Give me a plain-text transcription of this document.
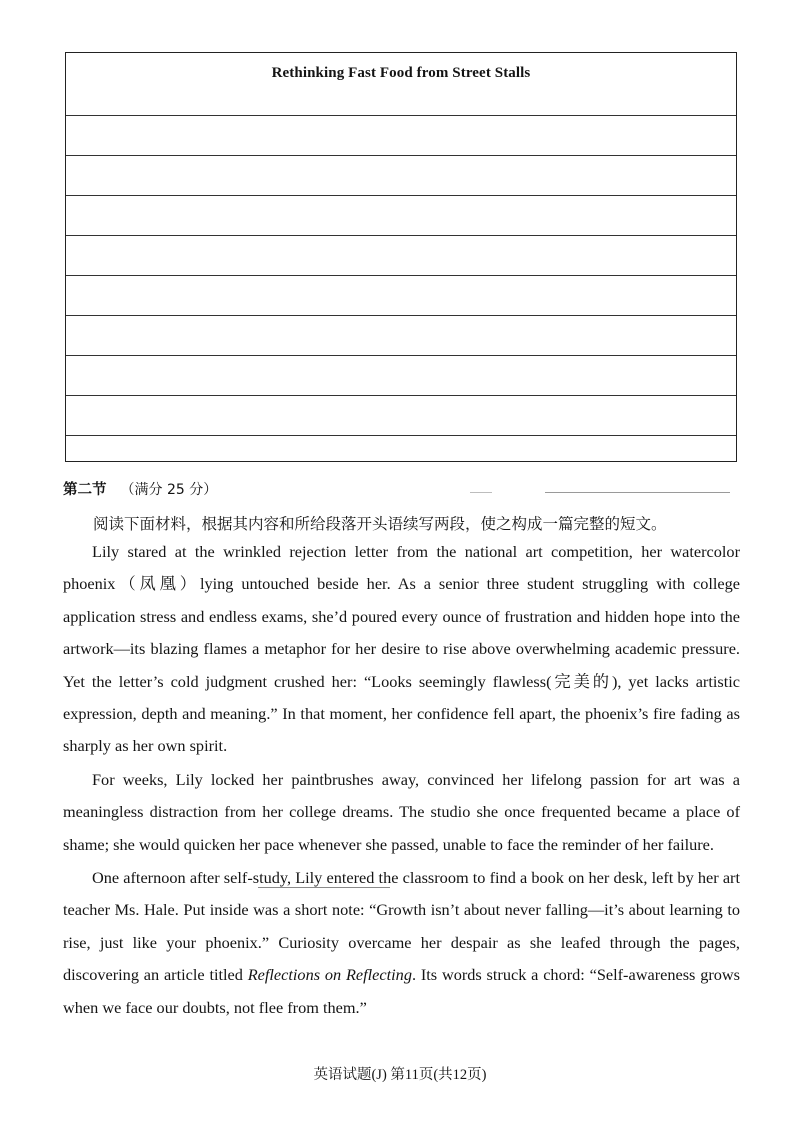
Rethinking Fast Food from Street Stalls
第二节 （满分 25 分）
阅读下面材料，根据其内容和所给段落开头语续写两段，使之构成一篇完整的短文。

Lily stared at the wrinkled rejection letter from the national art competition, her watercolor phoenix（凤凰）lying untouched beside her. As a senior three student struggling with college application stress and endless exams, she’d poured every ounce of frustration and hidden hope into the artwork—its blazing flames a metaphor for her desire to rise above overwhelming academic pressure. Yet the letter’s cold judgment crushed her: “Looks seemingly flawless(完美的), yet lacks artistic expression, depth and meaning.” In that moment, her confidence fell apart, the phoenix’s fire fading as sharply as her own spirit.

For weeks, Lily locked her paintbrushes away, convinced her lifelong passion for art was a meaningless distraction from her college dreams. The studio she once frequented became a place of shame; she would quicken her pace whenever she passed, unable to face the reminder of her failure.

One afternoon after self-study, Lily entered the classroom to find a book on her desk, left by her art teacher Ms. Hale. Put inside was a short note: “Growth isn’t about never falling—it’s about learning to rise, just like your phoenix.” Curiosity overcame her despair as she leafed through the pages, discovering an article titled Reflections on Reflecting. Its words struck a chord: “Self-awareness grows when we face our doubts, not flee from them.”

英语试题(J) 第11页(共12页)
